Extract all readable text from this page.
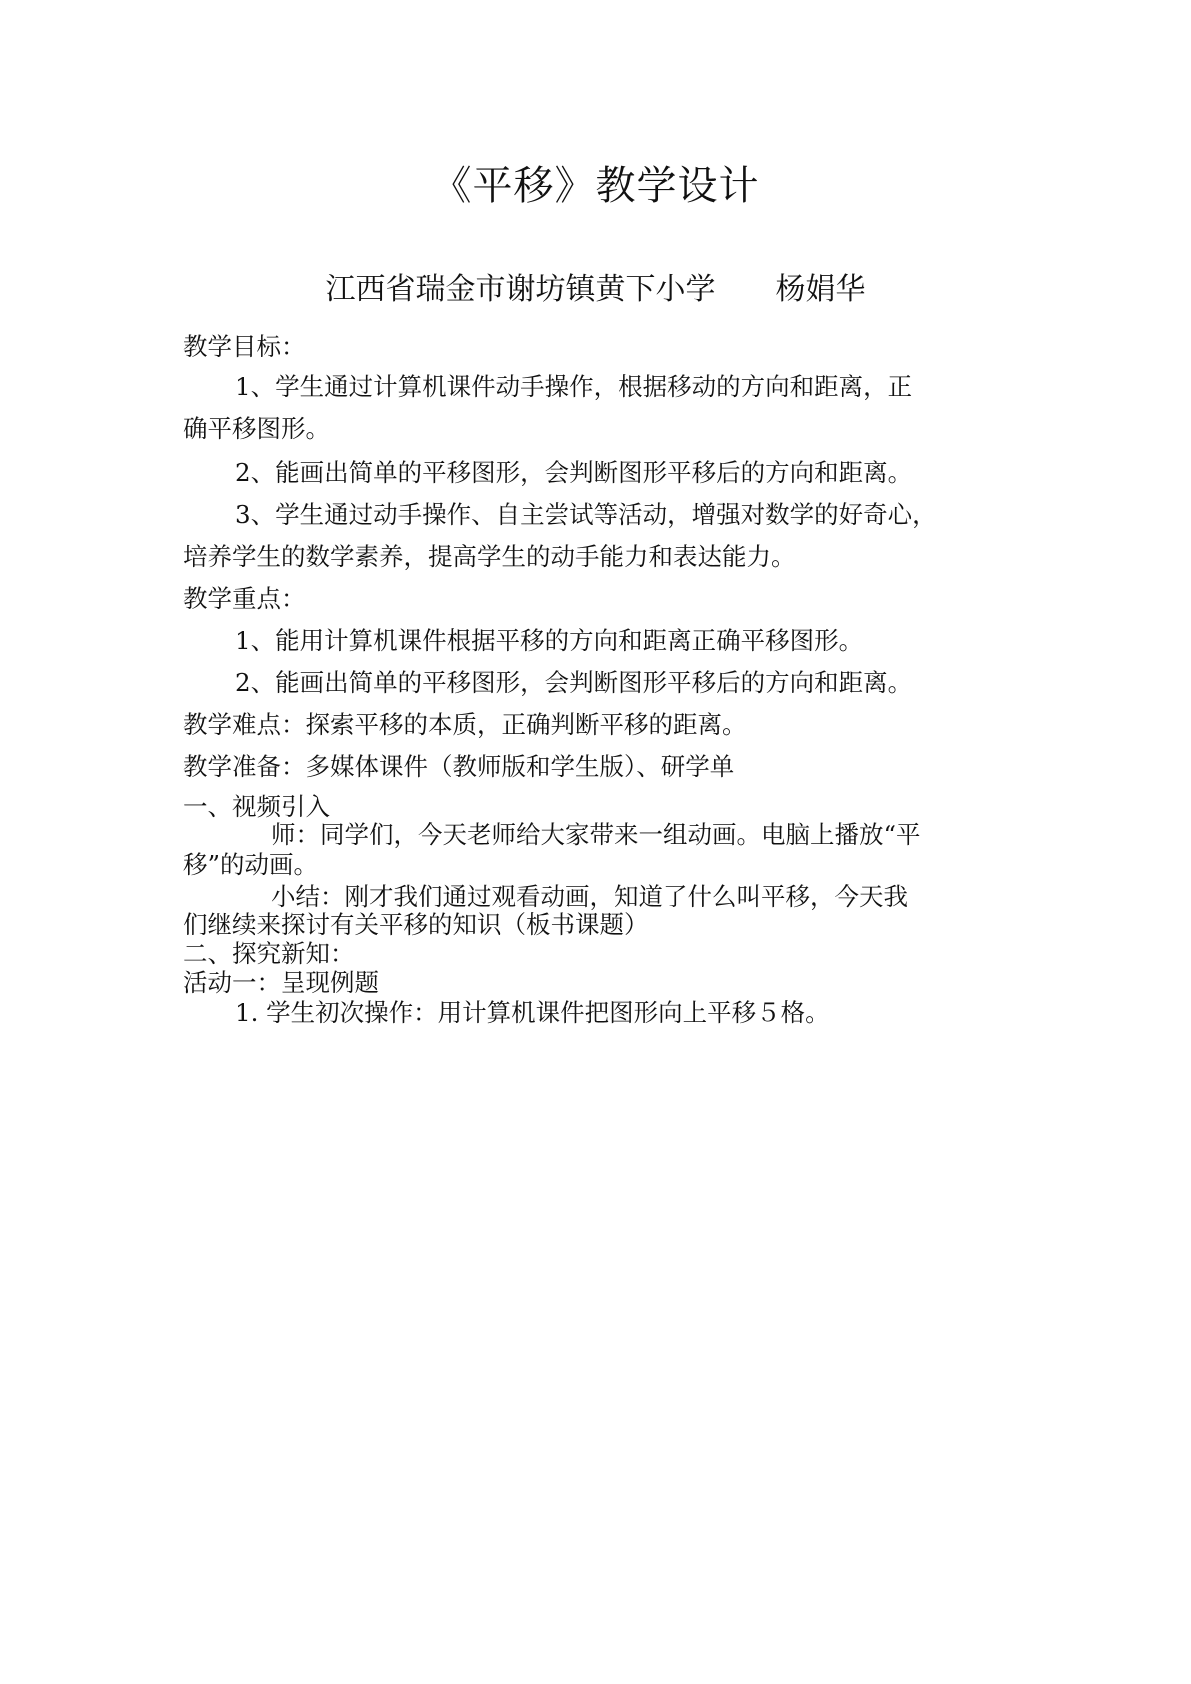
《平移》教学设计
江西省瑞金市谢坊镇黄下小学 杨娟华
教学目标：
1、学生通过计算机课件动手操作，根据移动的方向和距离，正
确平移图形。
2、能画出简单的平移图形，会判断图形平移后的方向和距离。
3、学生通过动手操作、自主尝试等活动，增强对数学的好奇心，
培养学生的数学素养，提高学生的动手能力和表达能力。
教学重点：
1、能用计算机课件根据平移的方向和距离正确平移图形。
2、能画出简单的平移图形，会判断图形平移后的方向和距离。
教学难点：探索平移的本质，正确判断平移的距离。
教学准备：多媒体课件（教师版和学生版）、研学单
一、视频引入
师：同学们，今天老师给大家带来一组动画。电脑上播放“平
移”的动画。
小结：刚才我们通过观看动画，知道了什么叫平移，今天我
们继续来探讨有关平移的知识（板书课题）
二、探究新知：
活动一：呈现例题
1. 学生初次操作：用计算机课件把图形向上平移５格。
